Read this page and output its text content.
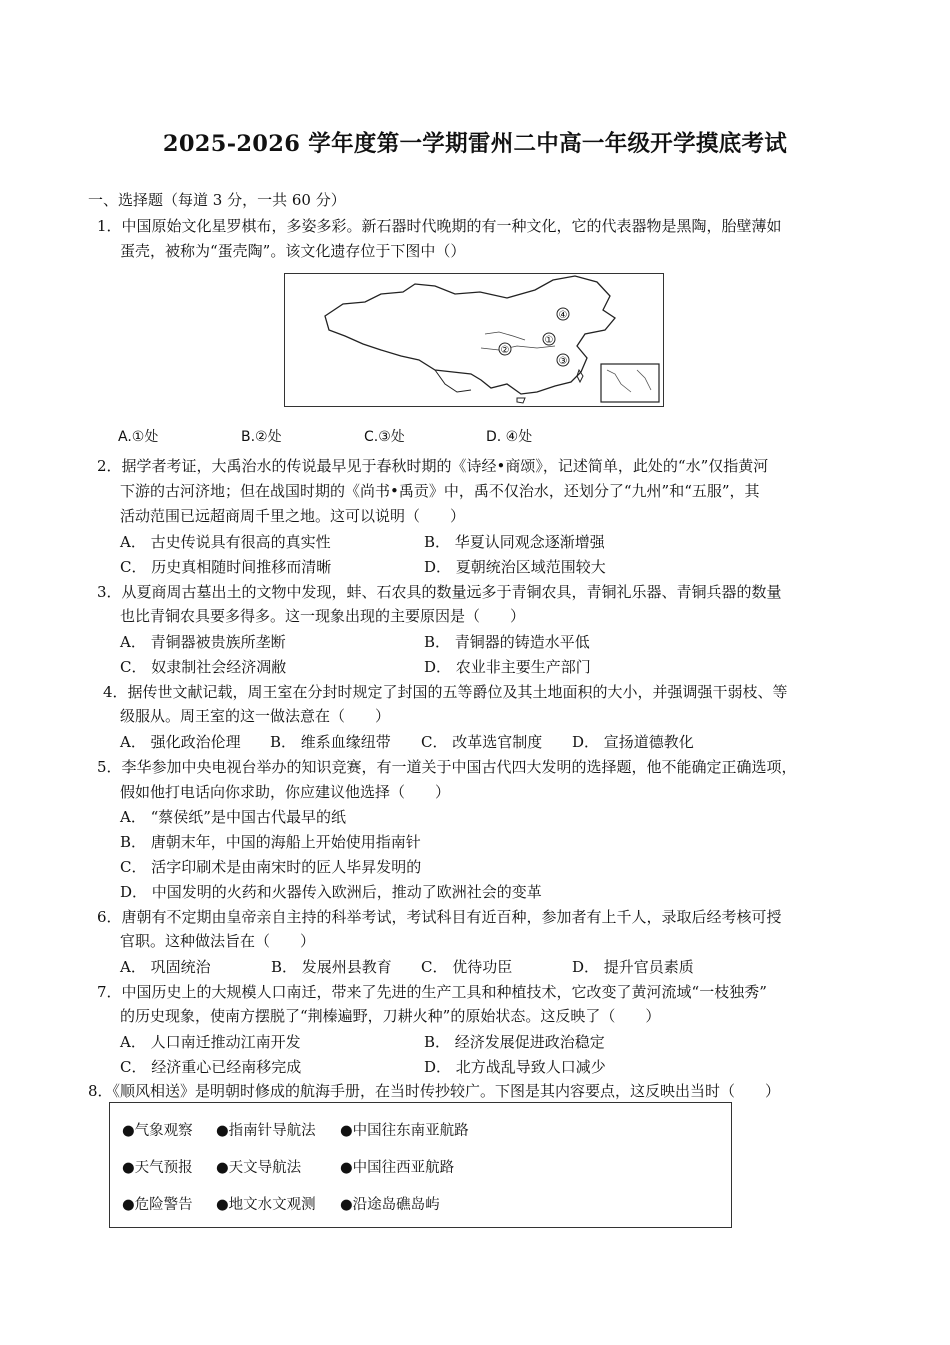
2025-2026 学年度第一学期雷州二中高一年级开学摸底考试
一、选择题（每道 3 分，一共 60 分）
1．中国原始文化星罗棋布，多姿多彩。新石器时代晚期的有一种文化，它的代表器物是黑陶，胎壁薄如
蛋壳，被称为“蛋壳陶”。该文化遗存位于下图中（）
④
①
②
③
A.①处	B.②处	C.③处	D. ④处
2．据学者考证，大禹治水的传说最早见于春秋时期的《诗经•商颂》，记述简单，此处的“水”仅指黄河
下游的古河济地；但在战国时期的《尚书•禹贡》中，禹不仅治水，还划分了“九州”和“五服”，其
活动范围已远超商周千里之地。这可以说明（　　）
A． 古史传说具有很高的真实性	B． 华夏认同观念逐渐增强
C． 历史真相随时间推移而清晰	D． 夏朝统治区域范围较大
3．从夏商周古墓出土的文物中发现，蚌、石农具的数量远多于青铜农具，青铜礼乐器、青铜兵器的数量
也比青铜农具要多得多。这一现象出现的主要原因是（　　）
A． 青铜器被贵族所垄断	B． 青铜器的铸造水平低
C． 奴隶制社会经济凋敝	D． 农业非主要生产部门
4．据传世文献记载，周王室在分封时规定了封国的五等爵位及其土地面积的大小，并强调强干弱枝、等
级服从。周王室的这一做法意在（　　）
A． 强化政治伦理 B． 维系血缘纽带 C． 改革选官制度 D． 宣扬道德教化
5．李华参加中央电视台举办的知识竞赛，有一道关于中国古代四大发明的选择题，他不能确定正确选项，
假如他打电话向你求助，你应建议他选择（　　）
A． “蔡侯纸”是中国古代最早的纸
B． 唐朝末年，中国的海船上开始使用指南针
C． 活字印刷术是由南宋时的匠人毕昇发明的
D． 中国发明的火药和火器传入欧洲后，推动了欧洲社会的变革
6．唐朝有不定期由皇帝亲自主持的科举考试，考试科目有近百种，参加者有上千人，录取后经考核可授
官职。这种做法旨在（　　）
A． 巩固统治	B． 发展州县教育 C． 优待功臣	D． 提升官员素质
7．中国历史上的大规模人口南迁，带来了先进的生产工具和种植技术，它改变了黄河流域“一枝独秀”
的历史现象，使南方摆脱了“荆榛遍野，刀耕火种”的原始状态。这反映了（　　）
A． 人口南迁推动江南开发	B． 经济发展促进政治稳定
C． 经济重心已经南移完成	D． 北方战乱导致人口减少
8．《顺风相送》是明朝时修成的航海手册，在当时传抄较广。下图是其内容要点，这反映出当时（　　）
●气象观察 ●指南针导航法 ●中国往东南亚航路
●天气预报 ●天文导航法	●中国往西亚航路
●危险警告 ●地文水文观测 ●沿途岛礁岛屿
